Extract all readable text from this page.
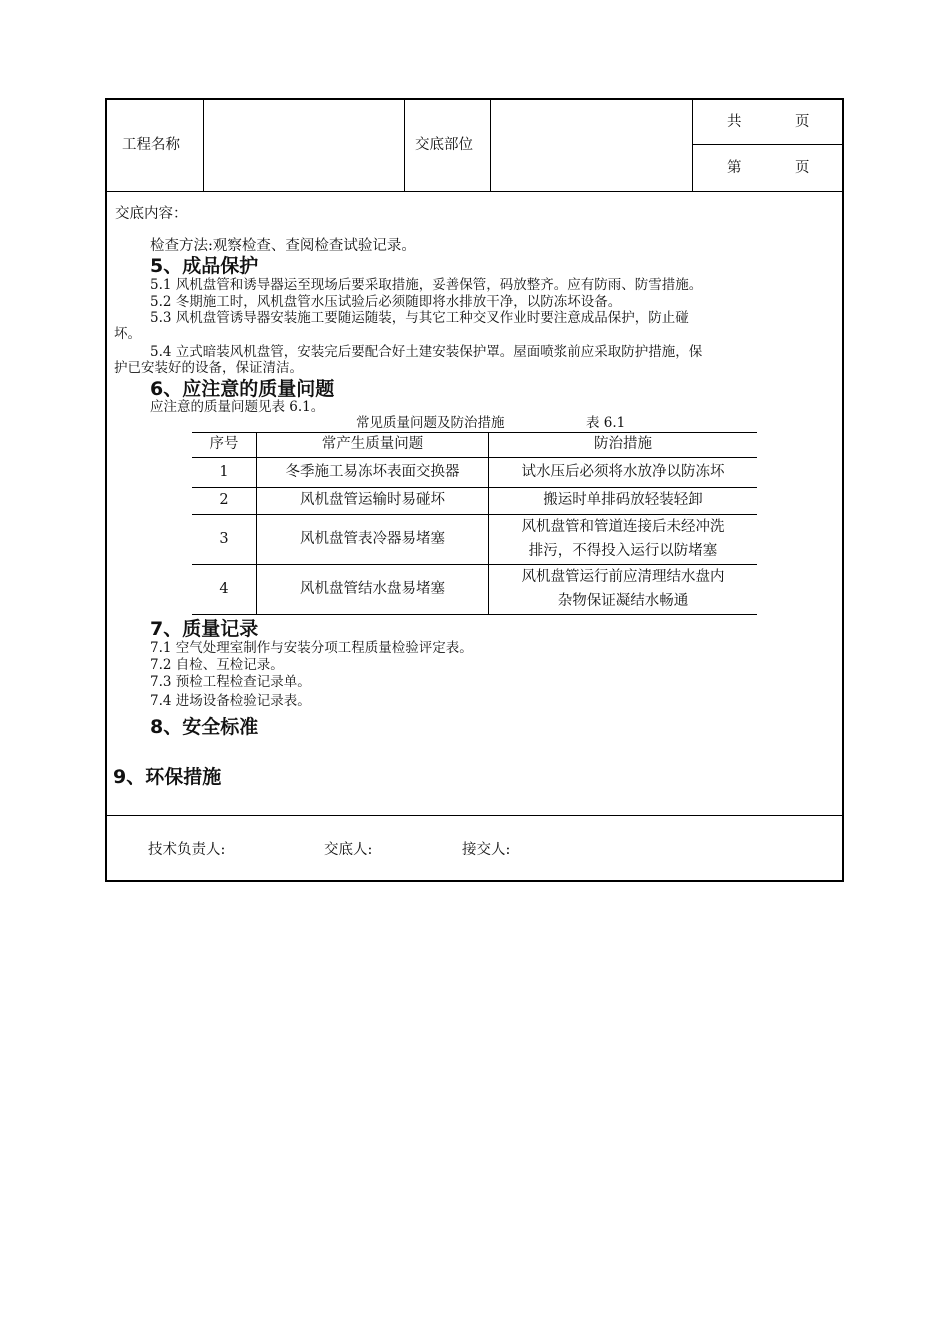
工程名称	交底部位
共	页
第	页
交底内容：
检查方法:观察检查、查阅检查试验记录。
5、成品保护
5.1 风机盘管和诱导器运至现场后要采取措施，妥善保管，码放整齐。应有防雨、防雪措施。
5.2 冬期施工时，风机盘管水压试验后必须随即将水排放干净，以防冻坏设备。
5.3 风机盘管诱导器安装施工要随运随装，与其它工种交叉作业时要注意成品保护，防止碰
坏。
5.4 立式暗装风机盘管，安装完后要配合好土建安装保护罩。屋面喷浆前应采取防护措施，保
护已安装好的设备，保证清洁。
6、应注意的质量问题
应注意的质量问题见表 6.1。
常见质量问题及防治措施	表 6.1
序号	常产生质量问题	防治措施
1	冬季施工易冻坏表面交换器	试水压后必须将水放净以防冻坏
2	风机盘管运输时易碰坏	搬运时单排码放轻装轻卸
3	风机盘管表冷器易堵塞	风机盘管和管道连接后未经冲洗
排污，不得投入运行以防堵塞
4	风机盘管结水盘易堵塞	风机盘管运行前应清理结水盘内
杂物保证凝结水畅通
7、质量记录
7.1 空气处理室制作与安装分项工程质量检验评定表。
7.2 自检、互检记录。
7.3 预检工程检查记录单。
7.4 进场设备检验记录表。
8、安全标准
9、环保措施
技术负责人:	交底人:	接交人:
